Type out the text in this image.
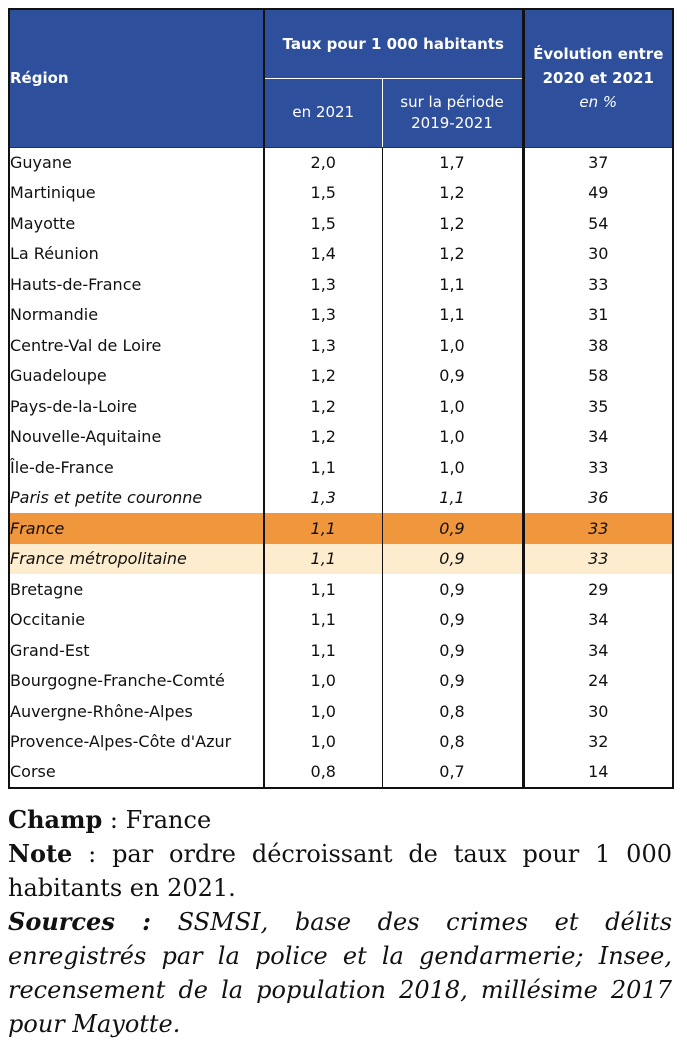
Région	Taux pour 1 000 habitants		Évolution entre
2020 et 2021
en %

	en 2021	sur la période
2019-2021	
Guyane	2,0	1,7	37
Martinique	1,5	1,2	49
Mayotte	1,5	1,2	54
La Réunion	1,4	1,2	30
Hauts-de-France	1,3	1,1	33
Normandie	1,3	1,1	31
Centre-Val de Loire	1,3	1,0	38
Guadeloupe	1,2	0,9	58
Pays-de-la-Loire	1,2	1,0	35
Nouvelle-Aquitaine	1,2	1,0	34
Île-de-France	1,1	1,0	33
Paris et petite couronne	1,3	1,1	36
France	1,1	0,9	33
France métropolitaine	1,1	0,9	33
Bretagne	1,1	0,9	29
Occitanie	1,1	0,9	34
Grand-Est	1,1	0,9	34
Bourgogne-Franche-Comté	1,0	0,9	24
Auvergne-Rhône-Alpes	1,0	0,8	30
Provence-Alpes-Côte d'Azur	1,0	0,8	32
Corse	0,8	0,7	14

Champ : France

Note : par ordre décroissant de taux pour 1 000 habitants en 2021.

Sources : SSMSI, base des crimes et délits enregistrés par la police et la gendarmerie; Insee, recensement de la population 2018, millésime 2017 pour Mayotte.
